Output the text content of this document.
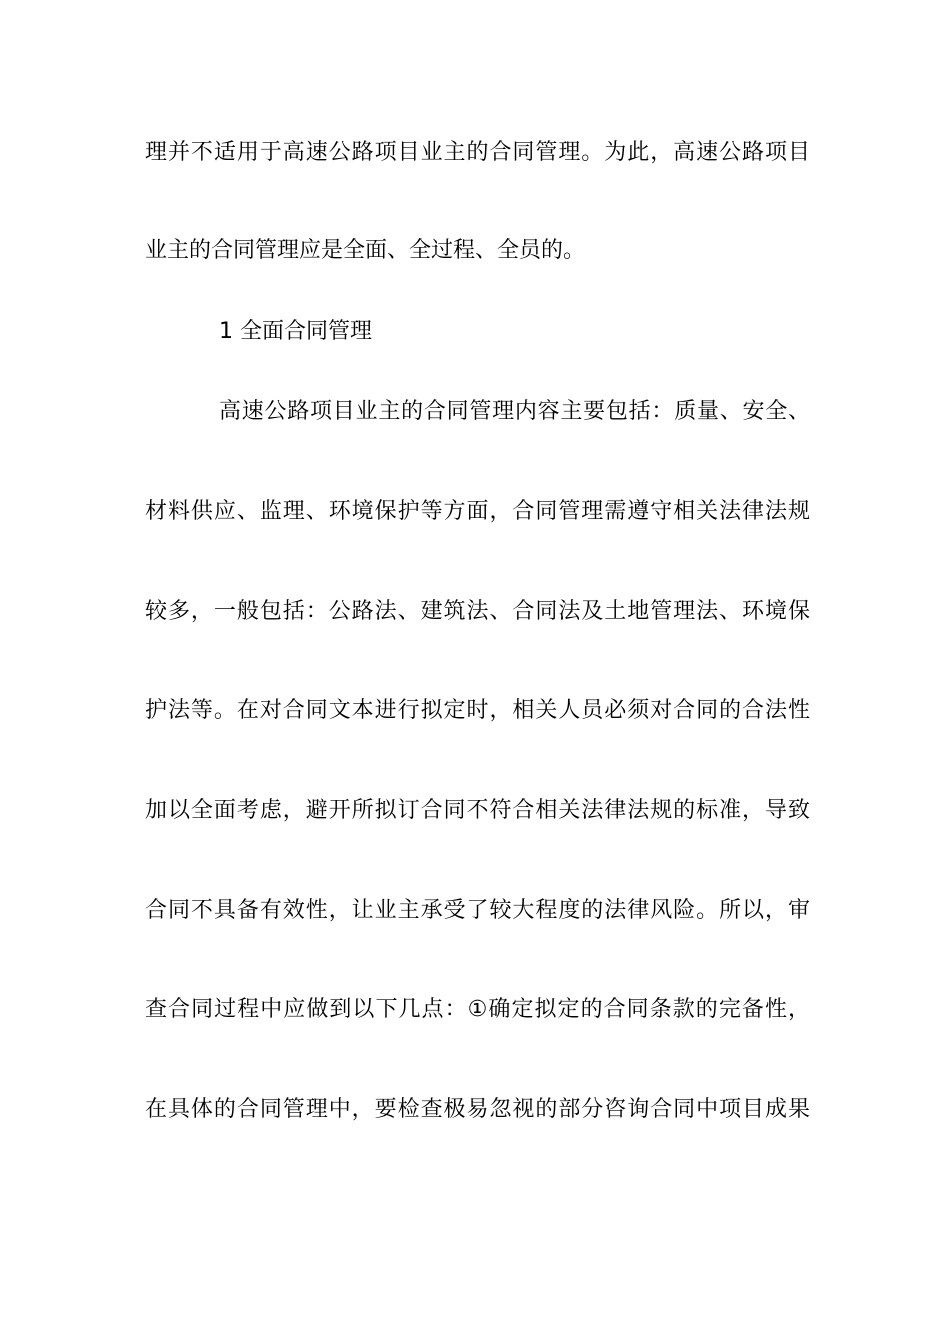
理并不适用于高速公路项目业主的合同管理。为此，高速公路项目
业主的合同管理应是全面、全过程、全员的。
1 全面合同管理
高速公路项目业主的合同管理内容主要包括：质量、安全、
材料供应、监理、环境保护等方面，合同管理需遵守相关法律法规
较多，一般包括：公路法、建筑法、合同法及土地管理法、环境保
护法等。在对合同文本进行拟定时，相关人员必须对合同的合法性
加以全面考虑，避开所拟订合同不符合相关法律法规的标准，导致
合同不具备有效性，让业主承受了较大程度的法律风险。所以，审
查合同过程中应做到以下几点：①确定拟定的合同条款的完备性，
在具体的合同管理中，要检查极易忽视的部分咨询合同中项目成果
